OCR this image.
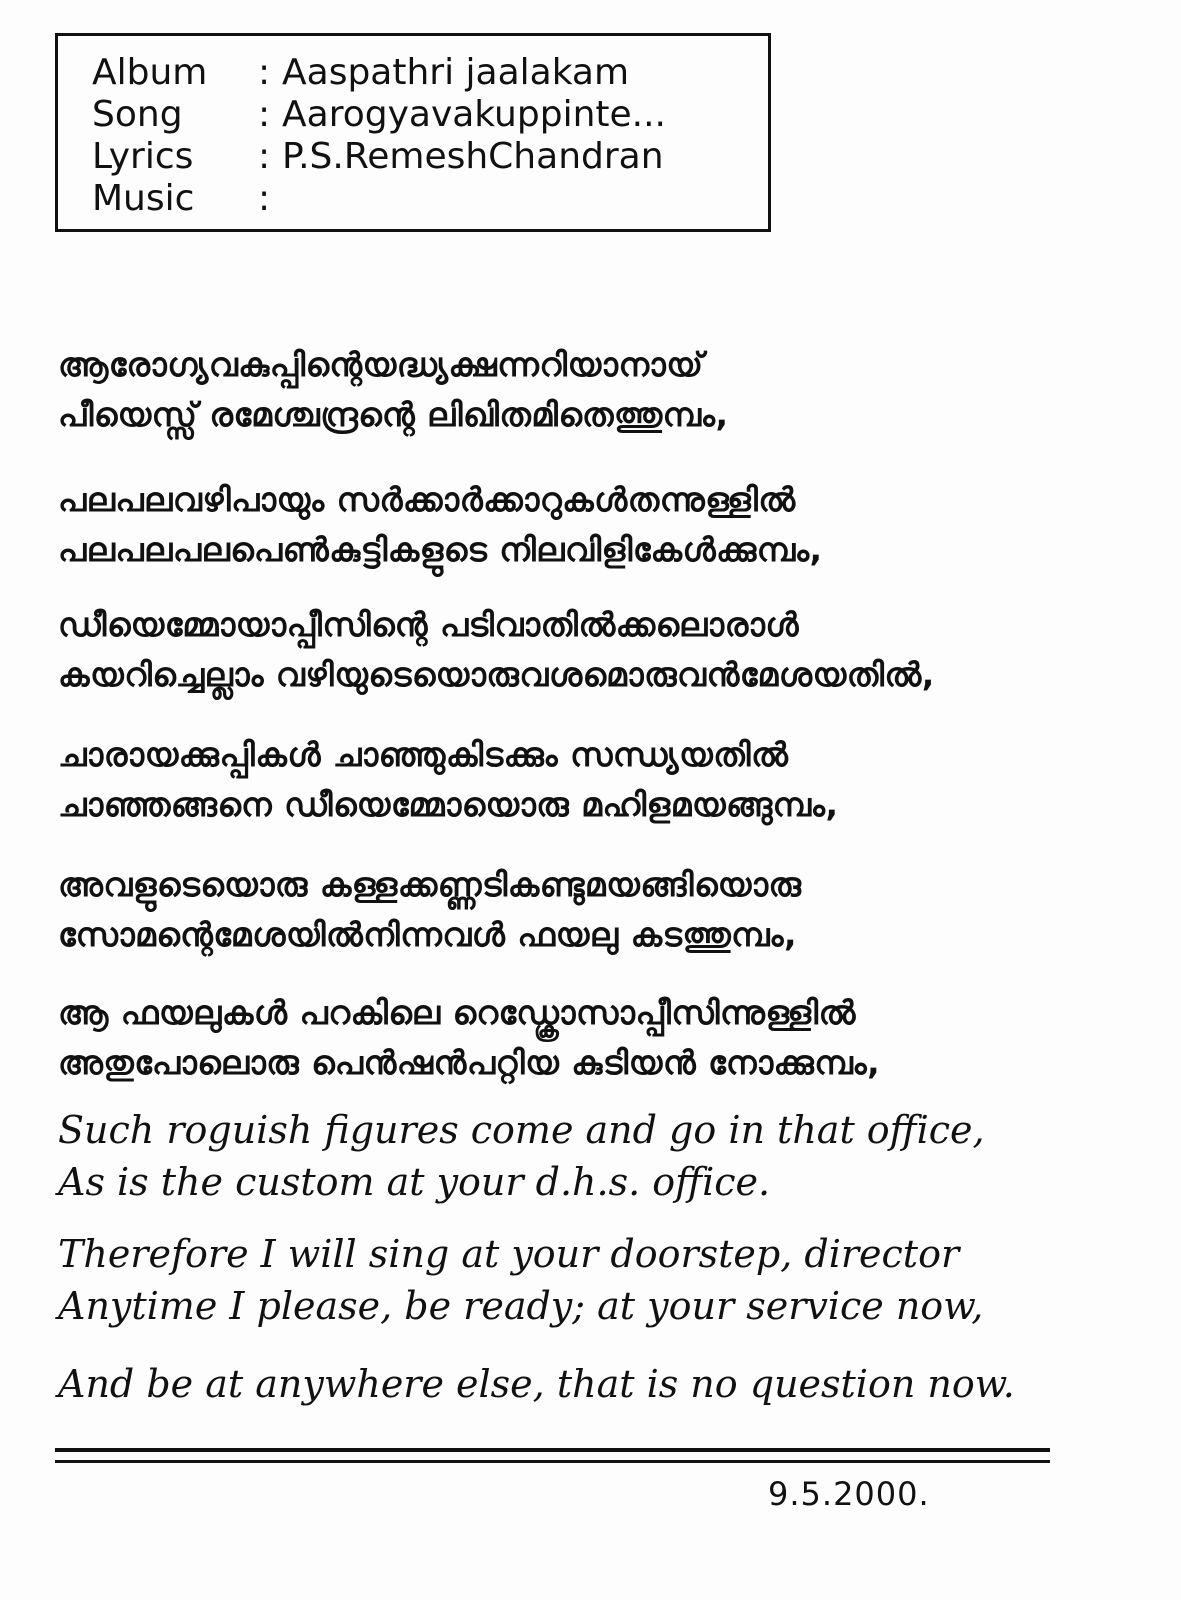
Album : Aaspathri jaalakam
Song : Aarogyavakuppinte...
Lyrics : P.S.RemeshChandran
Music :
ആരോഗ്യവകുപ്പിന്റെയദ്ധ്യക്ഷന്നറിയാനായ്
പീയെസ്സ് രമേശ്ചന്ദ്രന്റെ ലിഖിതമിതെത്തുമ്പം,
പലപലവഴിപായും സർക്കാർക്കാറുകൾതന്നുള്ളിൽ
പലപലപലപെൺകുട്ടികളുടെ നിലവിളികേൾക്കുമ്പം,
ഡീയെമ്മോയാപ്പീസിന്റെ പടിവാതിൽക്കലൊരാൾ
കയറിച്ചെല്ലാം വഴിയുടെയൊരുവശമൊരുവൻമേശയതിൽ,
ചാരായക്കുപ്പികൾ ചാഞ്ഞുകിടക്കും സന്ധ്യയതിൽ
ചാഞ്ഞങ്ങനെ ഡീയെമ്മോയൊരു മഹിളമയങ്ങുമ്പം,
അവളുടെയൊരു കള്ളക്കണ്ണടികണ്ടുമയങ്ങിയൊരു
സോമന്റെമേശയിൽനിന്നവൾ ഫയലു കടത്തുമ്പം,
ആ ഫയലുകൾ പറകിലെ റെഡ്ക്രോസാപ്പീസിന്നുള്ളിൽ
അതുപോലൊരു പെൻഷൻപറ്റിയ കുടിയൻ നോക്കുമ്പം,
Such roguish figures come and go in that office,
As is the custom at your d.h.s. office.
Therefore I will sing at your doorstep, director
Anytime I please, be ready; at your service now,
And be at anywhere else, that is no question now.
9.5.2000.
